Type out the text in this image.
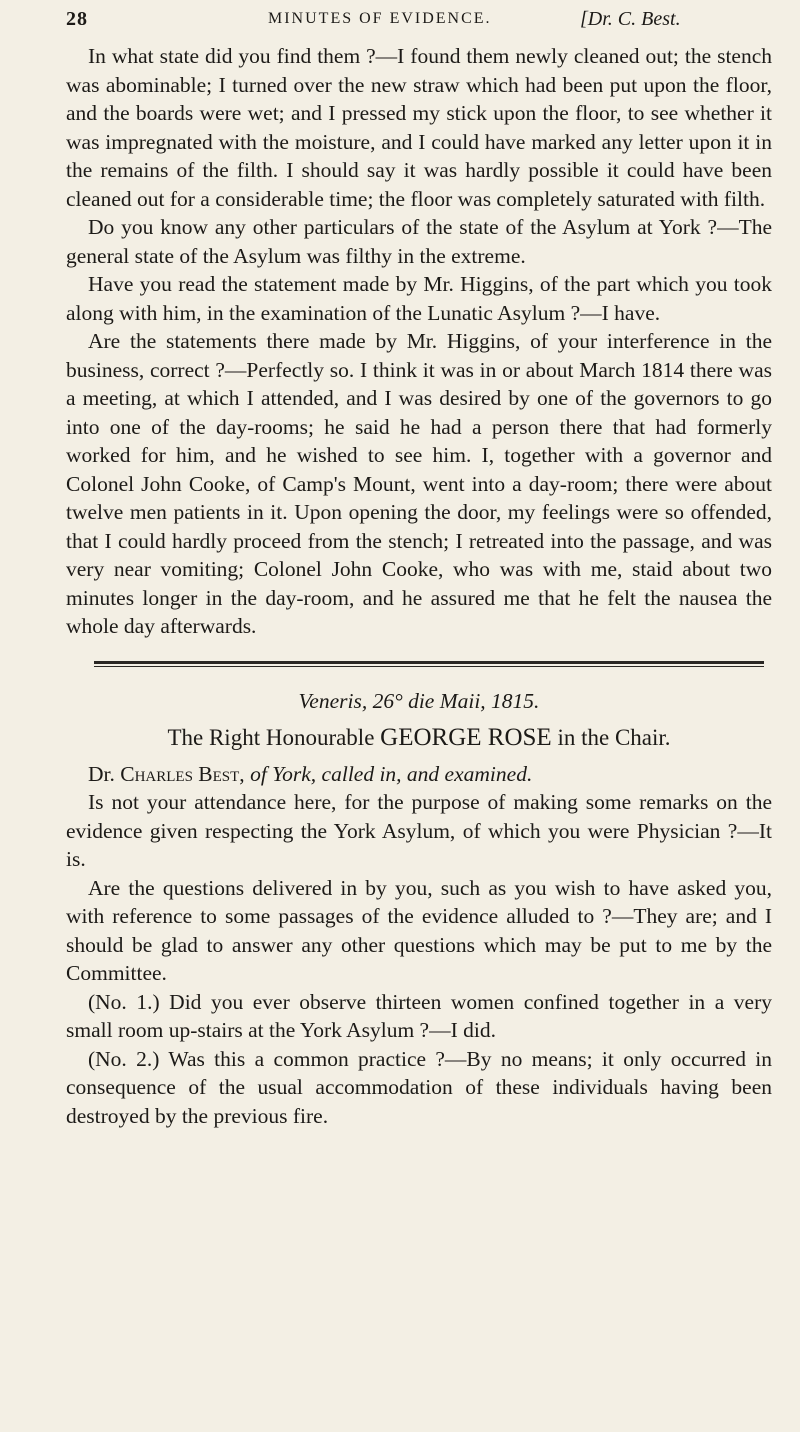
28	MINUTES OF EVIDENCE.	[Dr. C. Best.

In what state did you find them ?—I found them newly cleaned out; the stench was abominable; I turned over the new straw which had been put upon the floor, and the boards were wet; and I pressed my stick upon the floor, to see whether it was impregnated with the moisture, and I could have marked any letter upon it in the remains of the filth. I should say it was hardly possible it could have been cleaned out for a considerable time; the floor was completely saturated with filth.

Do you know any other particulars of the state of the Asylum at York ?—The general state of the Asylum was filthy in the extreme.

Have you read the statement made by Mr. Higgins, of the part which you took along with him, in the examination of the Lunatic Asylum ?—I have.

Are the statements there made by Mr. Higgins, of your interference in the business, correct ?—Perfectly so. I think it was in or about March 1814 there was a meeting, at which I attended, and I was desired by one of the governors to go into one of the day-rooms; he said he had a person there that had formerly worked for him, and he wished to see him. I, together with a governor and Colonel John Cooke, of Camp's Mount, went into a day-room; there were about twelve men patients in it. Upon opening the door, my feelings were so offended, that I could hardly proceed from the stench; I retreated into the passage, and was very near vomiting; Colonel John Cooke, who was with me, staid about two minutes longer in the day-room, and he assured me that he felt the nausea the whole day afterwards.

Veneris, 26° die Maii, 1815.
The Right Honourable GEORGE ROSE in the Chair.

Dr. Charles Best, of York, called in, and examined.

Is not your attendance here, for the purpose of making some remarks on the evidence given respecting the York Asylum, of which you were Physician ?—It is.

Are the questions delivered in by you, such as you wish to have asked you, with reference to some passages of the evidence alluded to ?—They are; and I should be glad to answer any other questions which may be put to me by the Committee.

(No. 1.) Did you ever observe thirteen women confined together in a very small room up-stairs at the York Asylum ?—I did.

(No. 2.) Was this a common practice ?—By no means; it only occurred in consequence of the usual accommodation of these individuals having been destroyed by the previous fire.
